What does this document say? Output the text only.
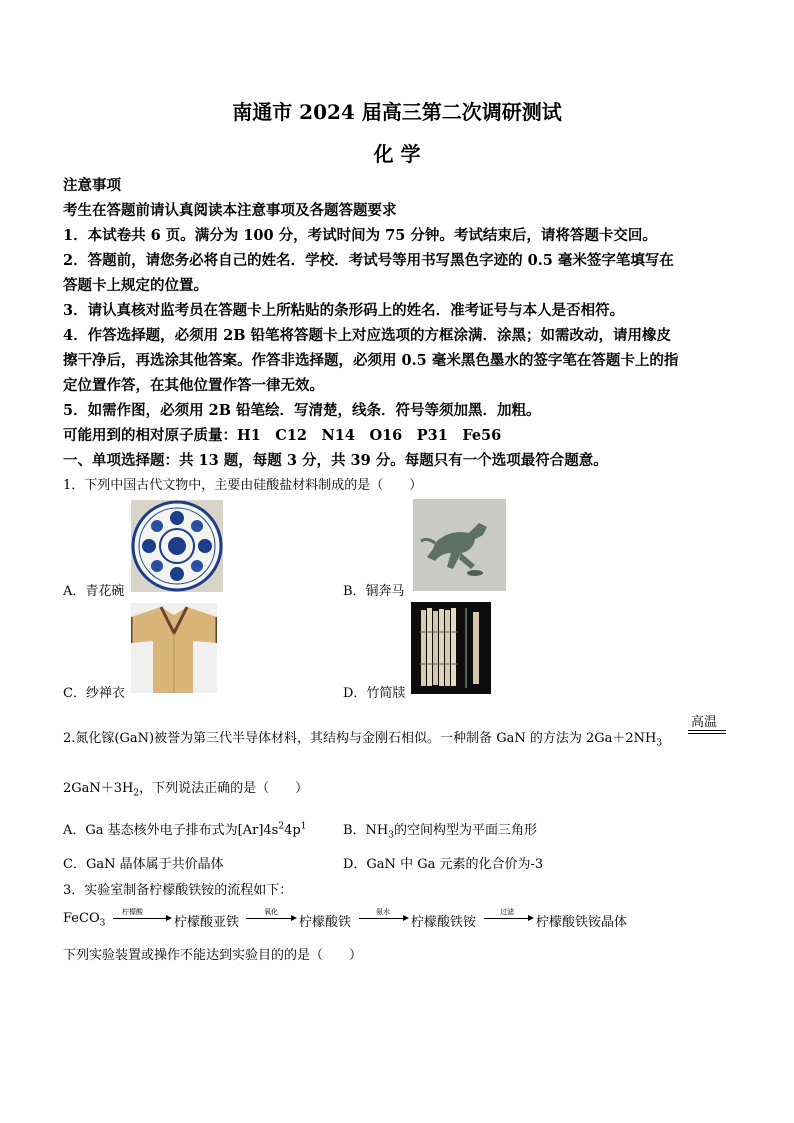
南通市 2024 届高三第二次调研测试
化 学
注意事项
考生在答题前请认真阅读本注意事项及各题答题要求
1．本试卷共 6 页。满分为 100 分，考试时间为 75 分钟。考试结束后，请将答题卡交回。
2．答题前，请您务必将自己的姓名．学校．考试号等用书写黑色字迹的 0.5 毫米签字笔填写在
答题卡上规定的位置。
3．请认真核对监考员在答题卡上所粘贴的条形码上的姓名．准考证号与本人是否相符。
4．作答选择题，必须用 2B 铅笔将答题卡上对应选项的方框涂满．涂黑；如需改动，请用橡皮
擦干净后，再选涂其他答案。作答非选择题，必须用 0.5 毫米黑色墨水的签字笔在答题卡上的指
定位置作答，在其他位置作答一律无效。
5．如需作图，必须用 2B 铅笔绘．写清楚，线条．符号等须加黑．加粗。
可能用到的相对原子质量：H1　C12　N14　O16　P31　Fe56
一、单项选择题：共 13 题，每题 3 分，共 39 分。每题只有一个选项最符合题意。
1．下列中国古代文物中，主要由硅酸盐材料制成的是（　　）
A．青花碗	B．铜奔马
C．纱禅衣	D．竹简牍
2.氮化镓(GaN)被誉为第三代半导体材料，其结构与金刚石相似。一种制备 GaN 的方法为 $2Ga+2NH_3$
高温
$2GaN+3H_2$，下列说法正确的是（　　）
A．Ga 基态核外电子排布式为$[Ar]4s^24p^1$	B．$NH_3$的空间构型为平面三角形
C．GaN 晶体属于共价晶体	D．GaN 中 Ga 元素的化合价为-3
3．实验室制备柠檬酸铁铵的流程如下：
FeCO$_3$
柠檬酸
柠檬酸亚铁
氧化
柠檬酸铁
氨水
柠檬酸铁铵
过滤
柠檬酸铁铵晶体
下列实验装置或操作不能达到实验目的的是（　　）
